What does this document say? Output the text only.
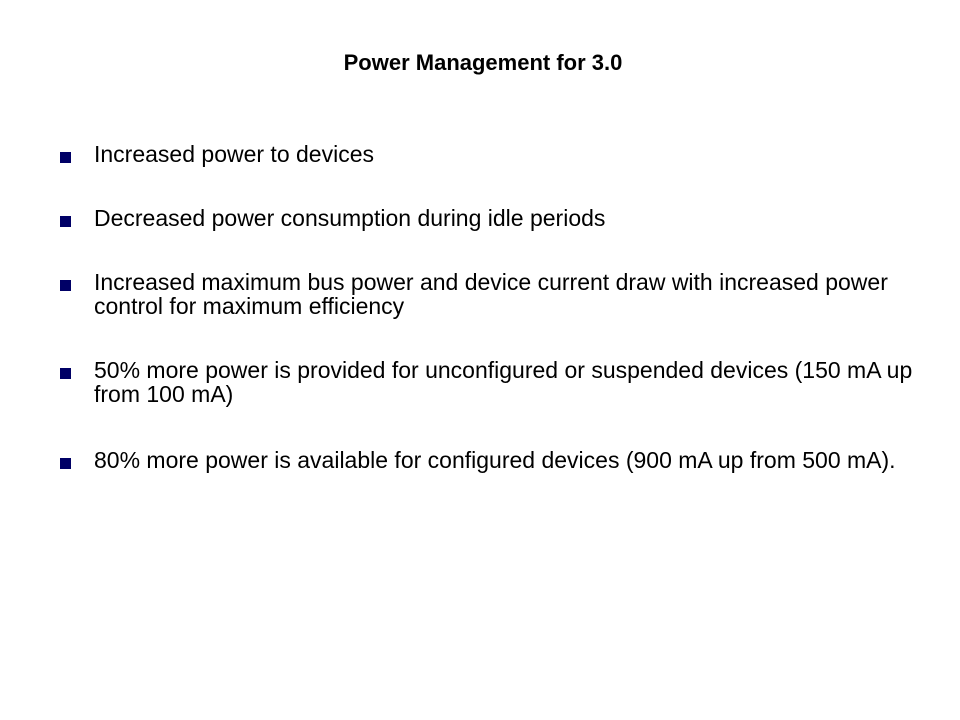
Power Management for 3.0
Increased power to devices
Decreased power consumption during idle periods
Increased maximum bus power and device current draw with increased power control for maximum efficiency
50% more power is provided for unconfigured or suspended devices (150 mA up from 100 mA)
80% more power is available for configured devices (900 mA up from 500 mA).
